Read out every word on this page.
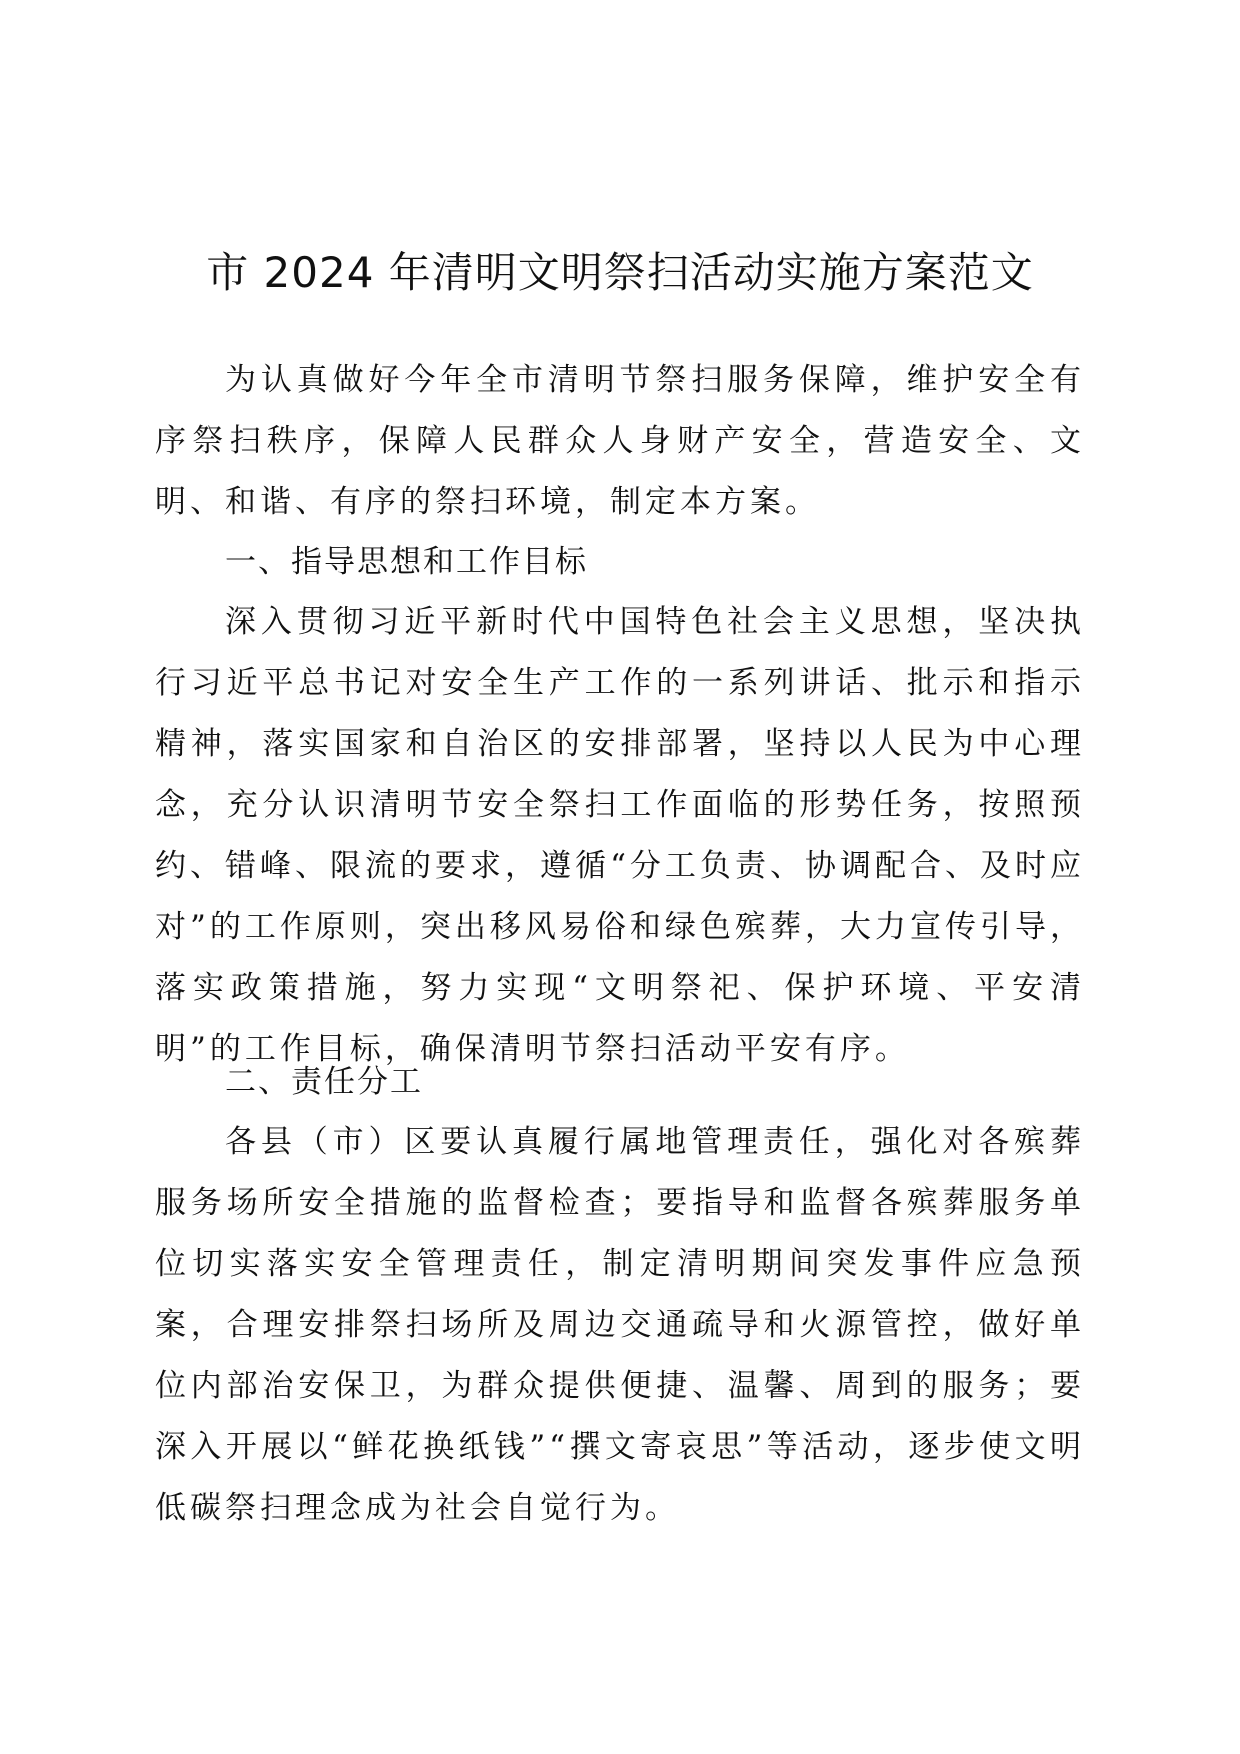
市 2024 年清明文明祭扫活动实施方案范文

为认真做好今年全市清明节祭扫服务保障，维护安全有序祭扫秩序，保障人民群众人身财产安全，营造安全、文明、和谐、有序的祭扫环境，制定本方案。

一、指导思想和工作目标

深入贯彻习近平新时代中国特色社会主义思想，坚决执行习近平总书记对安全生产工作的一系列讲话、批示和指示精神，落实国家和自治区的安排部署，坚持以人民为中心理念，充分认识清明节安全祭扫工作面临的形势任务，按照预约、错峰、限流的要求，遵循“分工负责、协调配合、及时应对”的工作原则，突出移风易俗和绿色殡葬，大力宣传引导，落实政策措施，努力实现“文明祭祀、保护环境、平安清明”的工作目标，确保清明节祭扫活动平安有序。

二、责任分工

各县（市）区要认真履行属地管理责任，强化对各殡葬服务场所安全措施的监督检查；要指导和监督各殡葬服务单位切实落实安全管理责任，制定清明期间突发事件应急预案，合理安排祭扫场所及周边交通疏导和火源管控，做好单位内部治安保卫，为群众提供便捷、温馨、周到的服务；要深入开展以“鲜花换纸钱”“撰文寄哀思”等活动，逐步使文明低碳祭扫理念成为社会自觉行为。
